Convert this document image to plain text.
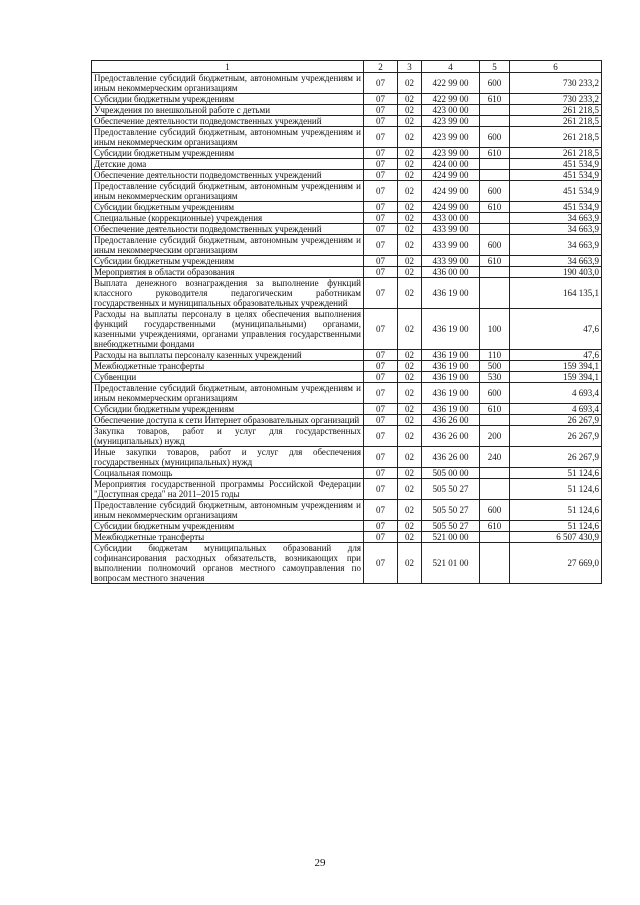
1	2	3	4	5	6
Предоставление субсидий бюджетным, автономным учреждениям и иным некоммерческим организациям	07	02	422 99 00	600	730 233,2
Субсидии бюджетным учреждениям	07	02	422 99 00	610	730 233,2
Учреждения по внешкольной работе с детьми	07	02	423 00 00		261 218,5
Обеспечение деятельности подведомственных учреждений	07	02	423 99 00		261 218,5
Предоставление субсидий бюджетным, автономным учреждениям и иным некоммерческим организациям	07	02	423 99 00	600	261 218,5
Субсидии бюджетным учреждениям	07	02	423 99 00	610	261 218,5
Детские дома	07	02	424 00 00		451 534,9
Обеспечение деятельности подведомственных учреждений	07	02	424 99 00		451 534,9
Предоставление субсидий бюджетным, автономным учреждениям и иным некоммерческим организациям	07	02	424 99 00	600	451 534,9
Субсидии бюджетным учреждениям	07	02	424 99 00	610	451 534,9
Специальные (коррекционные) учреждения	07	02	433 00 00		34 663,9
Обеспечение деятельности подведомственных учреждений	07	02	433 99 00		34 663,9
Предоставление субсидий бюджетным, автономным учреждениям и иным некоммерческим организациям	07	02	433 99 00	600	34 663,9
Субсидии бюджетным учреждениям	07	02	433 99 00	610	34 663,9
Мероприятия в области образования	07	02	436 00 00		190 403,0
Выплата денежного вознаграждения за выполнение функций классного руководителя педагогическим работникам государственных и муниципальных образовательных учреждений	07	02	436 19 00		164 135,1
Расходы на выплаты персоналу в целях обеспечения выполнения функций государственными (муниципальными) органами, казенными учреждениями, органами управления государственными внебюджетными фондами	07	02	436 19 00	100	47,6
Расходы на выплаты персоналу казенных учреждений	07	02	436 19 00	110	47,6
Межбюджетные трансферты	07	02	436 19 00	500	159 394,1
Субвенции	07	02	436 19 00	530	159 394,1
Предоставление субсидий бюджетным, автономным учреждениям и иным некоммерческим организациям	07	02	436 19 00	600	4 693,4
Субсидии бюджетным учреждениям	07	02	436 19 00	610	4 693,4
Обеспечение доступа к сети Интернет образовательных организаций	07	02	436 26 00		26 267,9
Закупка товаров, работ и услуг для государственных (муниципальных) нужд	07	02	436 26 00	200	26 267,9
Иные закупки товаров, работ и услуг для обеспечения государственных (муниципальных) нужд	07	02	436 26 00	240	26 267,9
Социальная помощь	07	02	505 00 00		51 124,6
Мероприятия государственной программы Российской Федерации "Доступная среда" на 2011–2015 годы	07	02	505 50 27		51 124,6
Предоставление субсидий бюджетным, автономным учреждениям и иным некоммерческим организациям	07	02	505 50 27	600	51 124,6
Субсидии бюджетным учреждениям	07	02	505 50 27	610	51 124,6
Межбюджетные трансферты	07	02	521 00 00		6 507 430,9
Субсидии бюджетам муниципальных образований для софинансирования расходных обязательств, возникающих при выполнении полномочий органов местного самоуправления по вопросам местного значения	07	02	521 01 00		27 669,0
29
